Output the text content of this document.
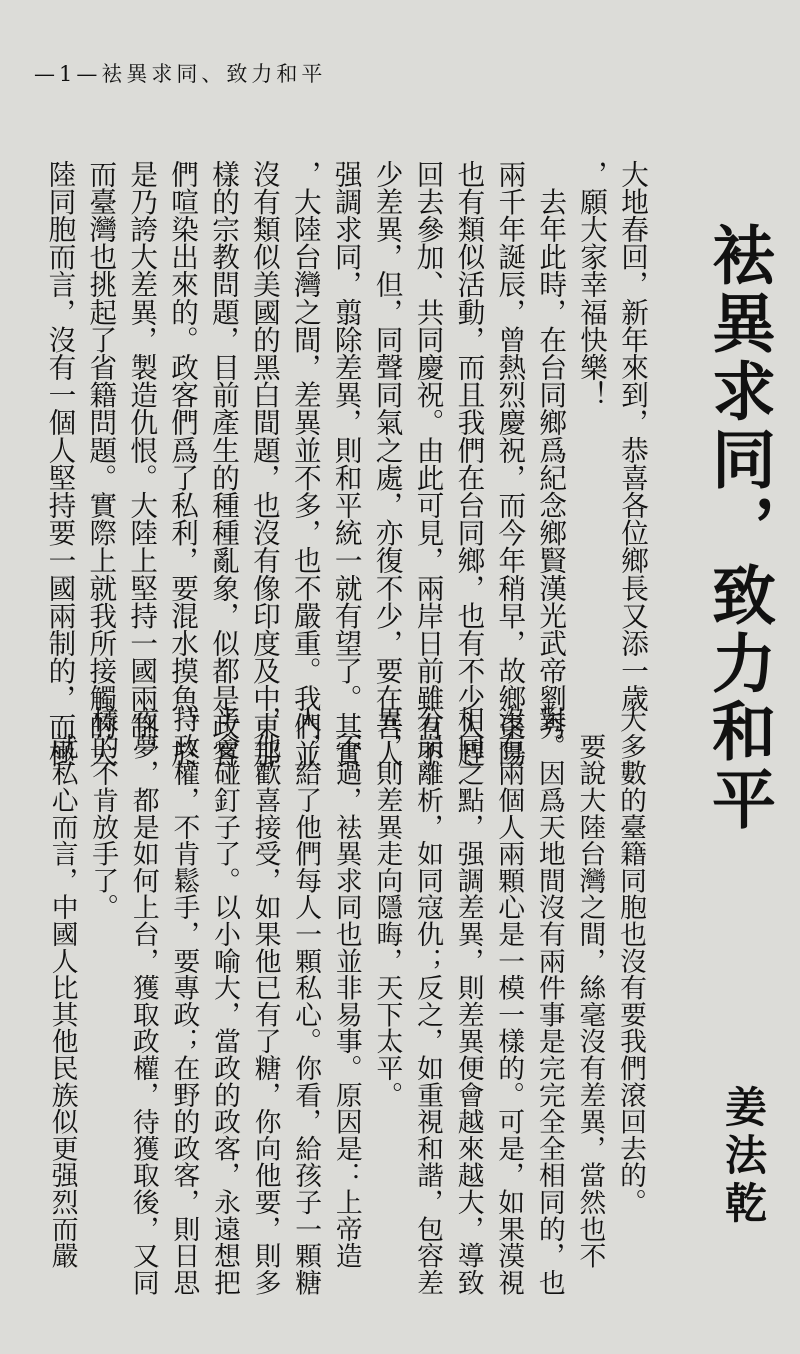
—1—袪異求同、致力和平
袪異求同，致力和平
姜法乾
大地春回，新年來到，恭喜各位鄉長又添一歲
，願大家幸福快樂！
　去年此時，在台同鄉爲紀念鄉賢漢光武帝劉秀
兩千年誕辰，曾熱烈慶祝，而今年稍早，故鄉棗陽
也有類似活動，而且我們在台同鄉，也有不少人趕
回去參加、共同慶祝。由此可見，兩岸日前雖有不
少差異，但，同聲同氣之處，亦復不少，要在吾人
强調求同，翦除差異，則和平統一就有望了。其實
，大陸台灣之間，差異並不多，也不嚴重。我們並
沒有類似美國的黑白間題，也沒有像印度及中東那
樣的宗教問題，目前產生的種種亂象，似都是政客
們喧染出來的。政客們爲了私利，要混水摸魚，於
是乃誇大差異，製造仇恨。大陸上堅持一國兩制，
而臺灣也挑起了省籍問題。實際上就我所接觸的大
陸同胞而言，沒有一個人堅持要一國兩制的，而極
大多數的臺籍同胞也沒有要我們滾回去的。
　要說大陸台灣之間，絲毫沒有差異，當然也不
對。因爲天地間沒有兩件事是完完全全相同的，也
沒有兩個人兩顆心是一模一樣的。可是，如果漠視
相同之點，强調差異，則差異便會越來越大，導致
分崩離析，如同寇仇；反之，如重視和諧，包容差
異，則差異走向隱晦，天下太平。
　不過，袪異求同也並非易事。原因是：上帝造
人，給了他們每人一顆私心。你看，給孩子一顆糖
，他歡喜接受，如果他已有了糖，你向他要，則多
半會碰釘子了。以小喻大，當政的政客，永遠想把
持政權，不肯鬆手，要專政；在野的政客，則日思
夜夢，都是如何上台，獲取政權，待獲取後，又同
樣的不肯放手了。
　就私心而言，中國人比其他民族似更强烈而嚴
